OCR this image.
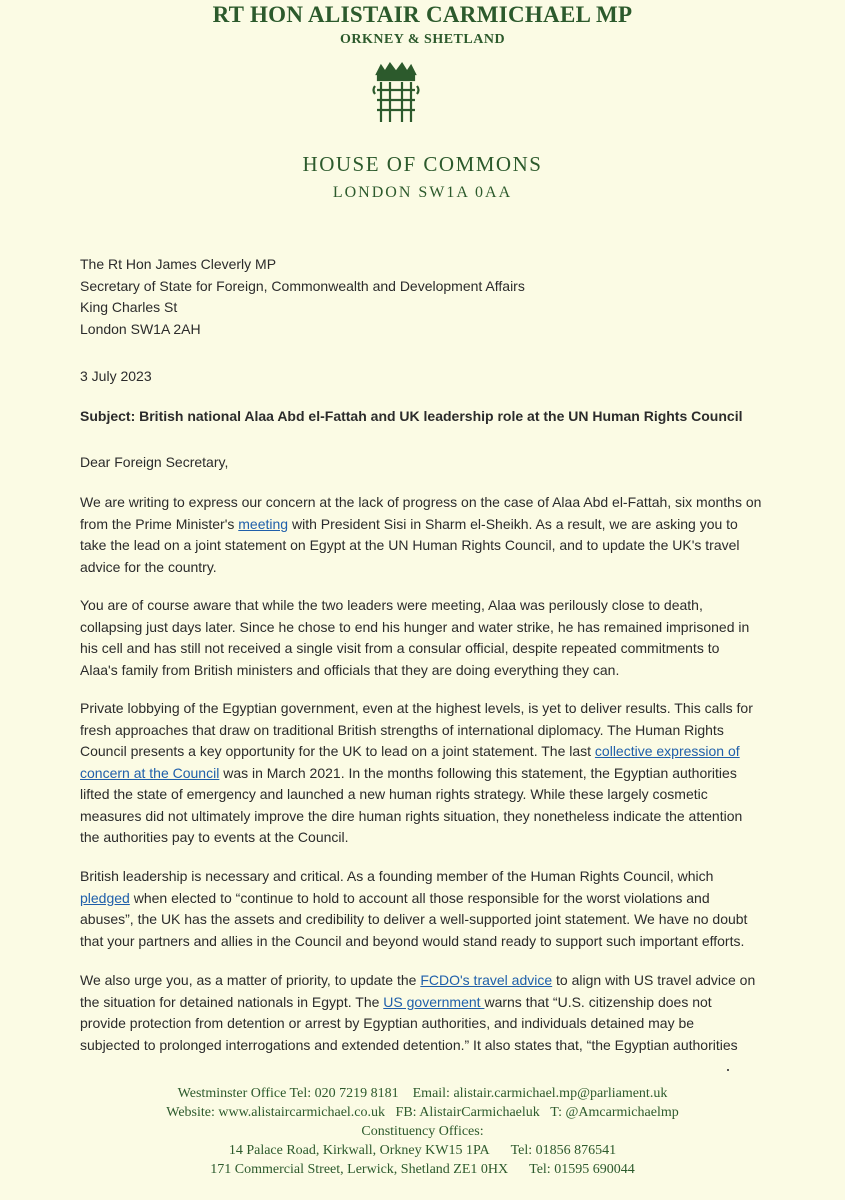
RT HON ALISTAIR CARMICHAEL MP
ORKNEY & SHETLAND
HOUSE OF COMMONS
LONDON SW1A 0AA
The Rt Hon James Cleverly MP
Secretary of State for Foreign, Commonwealth and Development Affairs
King Charles St
London SW1A 2AH
3 July 2023
Subject: British national Alaa Abd el-Fattah and UK leadership role at the UN Human Rights Council
Dear Foreign Secretary,
We are writing to express our concern at the lack of progress on the case of Alaa Abd el-Fattah, six months on
from the Prime Minister's meeting with President Sisi in Sharm el-Sheikh. As a result, we are asking you to
take the lead on a joint statement on Egypt at the UN Human Rights Council, and to update the UK's travel
advice for the country.
You are of course aware that while the two leaders were meeting, Alaa was perilously close to death,
collapsing just days later. Since he chose to end his hunger and water strike, he has remained imprisoned in
his cell and has still not received a single visit from a consular official, despite repeated commitments to
Alaa's family from British ministers and officials that they are doing everything they can.
Private lobbying of the Egyptian government, even at the highest levels, is yet to deliver results. This calls for
fresh approaches that draw on traditional British strengths of international diplomacy. The Human Rights
Council presents a key opportunity for the UK to lead on a joint statement. The last collective expression of
concern at the Council was in March 2021. In the months following this statement, the Egyptian authorities
lifted the state of emergency and launched a new human rights strategy. While these largely cosmetic
measures did not ultimately improve the dire human rights situation, they nonetheless indicate the attention
the authorities pay to events at the Council.
British leadership is necessary and critical. As a founding member of the Human Rights Council, which
pledged when elected to “continue to hold to account all those responsible for the worst violations and
abuses”, the UK has the assets and credibility to deliver a well-supported joint statement. We have no doubt
that your partners and allies in the Council and beyond would stand ready to support such important efforts.
We also urge you, as a matter of priority, to update the FCDO's travel advice to align with US travel advice on
the situation for detained nationals in Egypt. The US government warns that “U.S. citizenship does not
provide protection from detention or arrest by Egyptian authorities, and individuals detained may be
subjected to prolonged interrogations and extended detention.” It also states that, “the Egyptian authorities
Westminster Office Tel: 020 7219 8181 Email: alistair.carmichael.mp@parliament.uk
Website: www.alistaircarmichael.co.uk FB: AlistairCarmichaeluk T: @Amcarmichaelmp
Constituency Offices:
14 Palace Road, Kirkwall, Orkney KW15 1PA Tel: 01856 876541
171 Commercial Street, Lerwick, Shetland ZE1 0HX Tel: 01595 690044
